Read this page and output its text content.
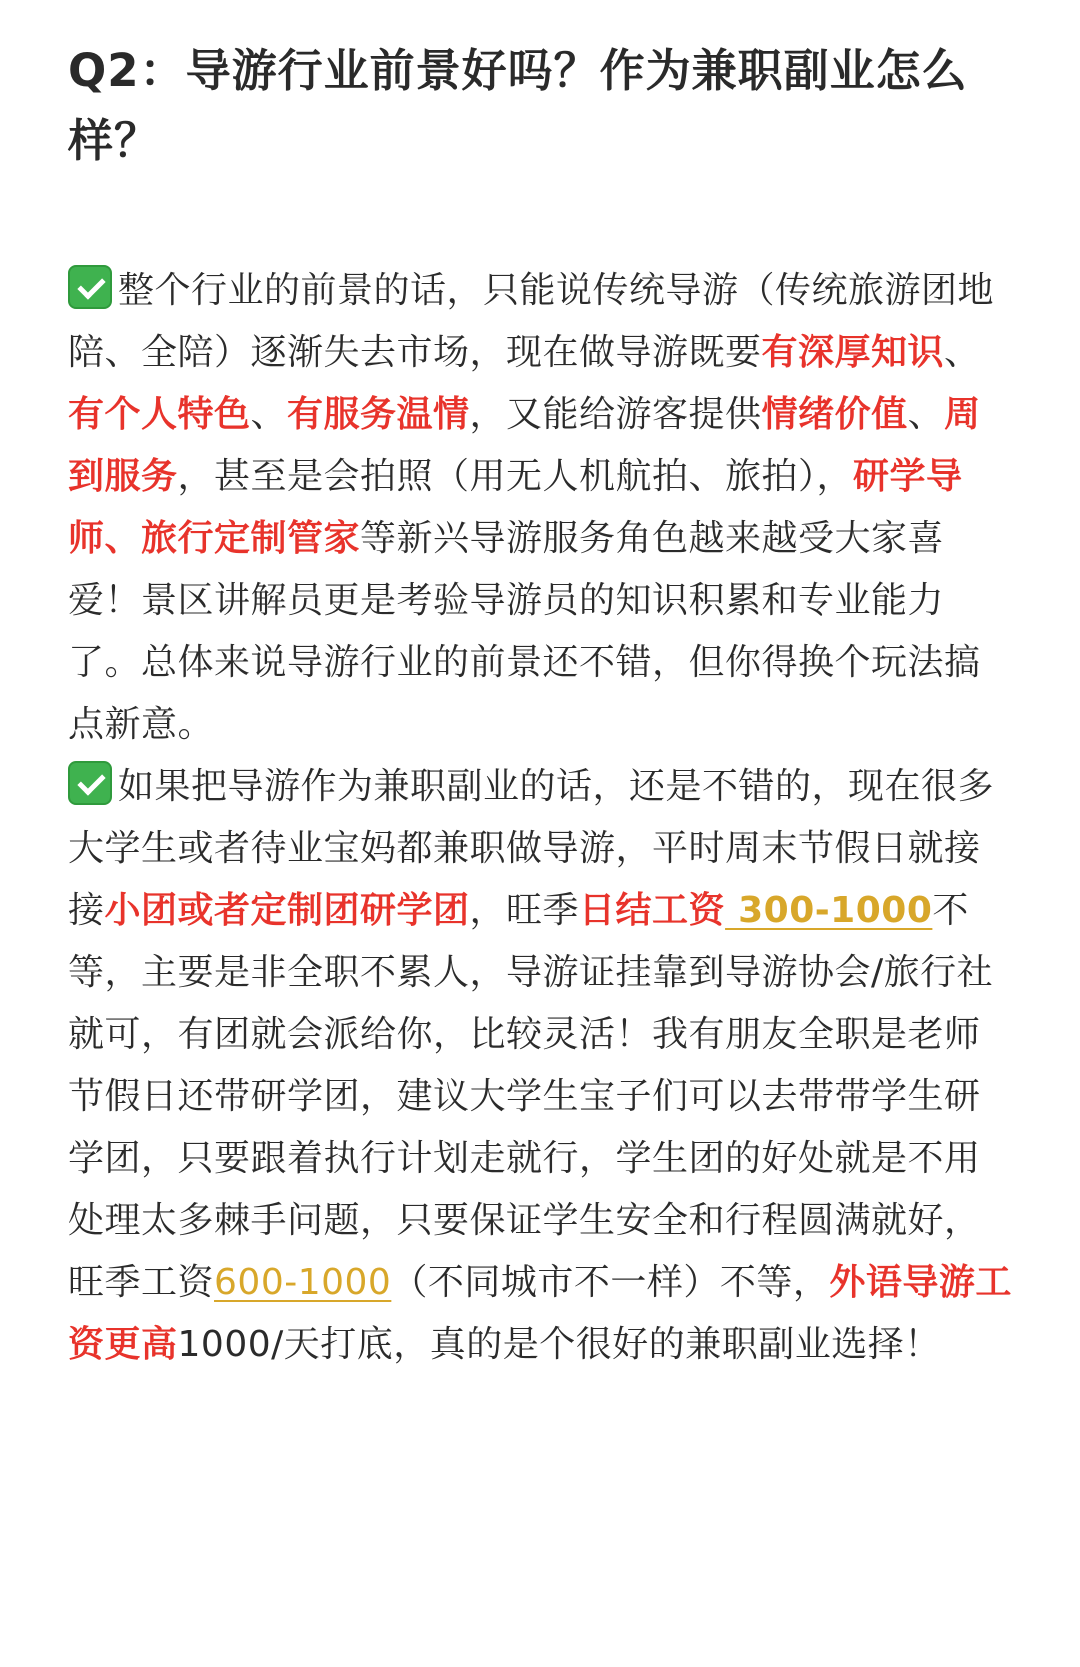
Q2：导游行业前景好吗？作为兼职副业怎么样？

整个行业的前景的话，只能说传统导游（传统旅游团地陪、全陪）逐渐失去市场，现在做导游既要有深厚知识、有个人特色、有服务温情，又能给游客提供情绪价值、周到服务，甚至是会拍照（用无人机航拍、旅拍），研学导师、旅行定制管家等新兴导游服务角色越来越受大家喜爱！景区讲解员更是考验导游员的知识积累和专业能力了。总体来说导游行业的前景还不错，但你得换个玩法搞点新意。

如果把导游作为兼职副业的话，还是不错的，现在很多大学生或者待业宝妈都兼职做导游，平时周末节假日就接接小团或者定制团研学团，旺季日结工资 300-1000不等，主要是非全职不累人，导游证挂靠到导游协会/旅行社就可，有团就会派给你，比较灵活！我有朋友全职是老师节假日还带研学团，建议大学生宝子们可以去带带学生研学团，只要跟着执行计划走就行，学生团的好处就是不用处理太多棘手问题，只要保证学生安全和行程圆满就好，旺季工资600-1000（不同城市不一样）不等，外语导游工资更高1000/天打底，真的是个很好的兼职副业选择！
